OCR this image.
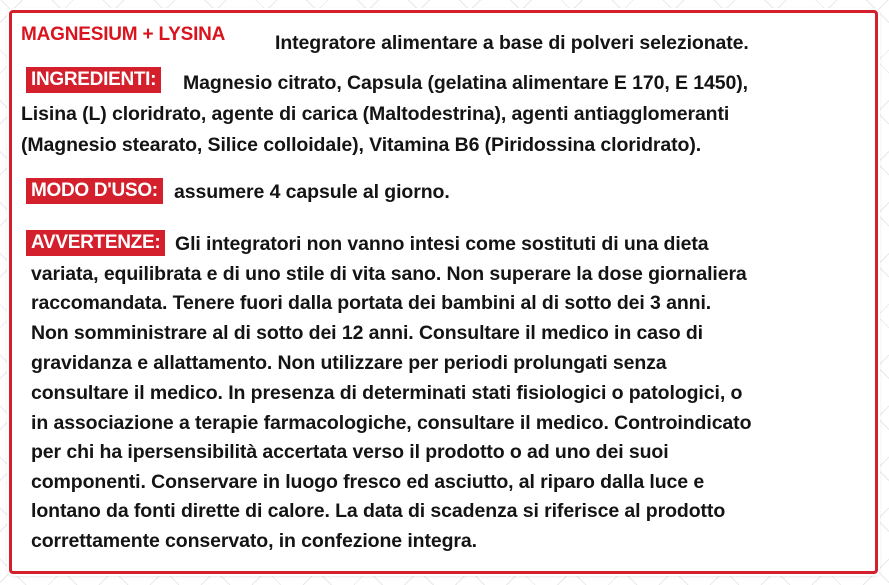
MAGNESIUM + LYSINA	Integratore alimentare a base di polveri selezionate.
INGREDIENTI: Magnesio citrato, Capsula (gelatina alimentare E 170, E 1450),
Lisina (L) cloridrato, agente di carica (Maltodestrina), agenti antiagglomeranti
(Magnesio stearato, Silice colloidale), Vitamina B6 (Piridossina cloridrato).
MODO D'USO: assumere 4 capsule al giorno.
AVVERTENZE: Gli integratori non vanno intesi come sostituti di una dieta
variata, equilibrata e di uno stile di vita sano. Non superare la dose giornaliera
raccomandata. Tenere fuori dalla portata dei bambini al di sotto dei 3 anni.
Non somministrare al di sotto dei 12 anni. Consultare il medico in caso di
gravidanza e allattamento. Non utilizzare per periodi prolungati senza
consultare il medico. In presenza di determinati stati fisiologici o patologici, o
in associazione a terapie farmacologiche, consultare il medico. Controindicato
per chi ha ipersensibilità accertata verso il prodotto o ad uno dei suoi
componenti. Conservare in luogo fresco ed asciutto, al riparo dalla luce e
lontano da fonti dirette di calore. La data di scadenza si riferisce al prodotto
correttamente conservato, in confezione integra.
